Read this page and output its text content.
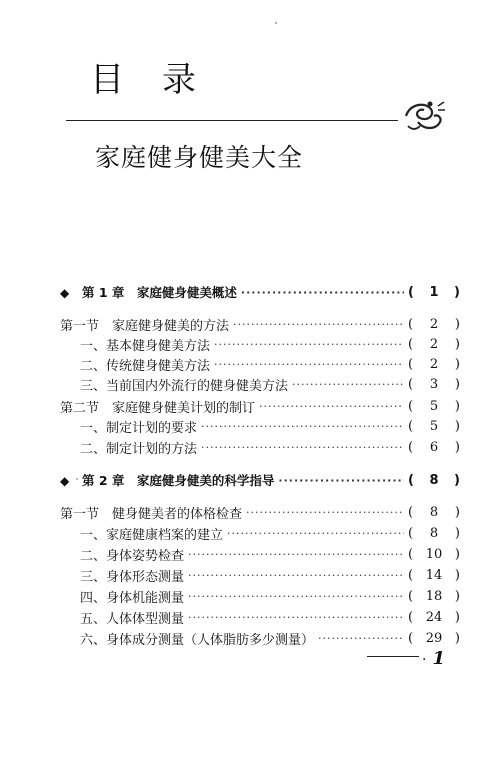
目录
家庭健身健美大全
◆ 第 1 章　家庭健身健美概述 ·····	( 1 )
第一节　家庭健身健美的方法 ·····	( 2 )
一、基本健身健美方法 ·····	( 2 )
二、传统健身健美方法 ·····	( 2 )
三、当前国内外流行的健身健美方法 ·····	( 3 )
第二节　家庭健身健美计划的制订 ·····	( 5 )
一、制定计划的要求 ·····	( 5 )
二、制定计划的方法 ·····	( 6 )
◆ 第 2 章　家庭健身健美的科学指导 ·····	( 8 )
第一节　健身健美者的体格检查 ·····	( 8 )
一、家庭健康档案的建立 ·····	( 8 )
二、身体姿势检查 ·····	( 10 )
三、身体形态测量 ·····	( 14 )
四、身体机能测量 ·····	( 18 )
五、人体体型测量 ·····	( 24 )
六、身体成分测量（人体脂肪多少测量） ·····	( 29 )
· 1
